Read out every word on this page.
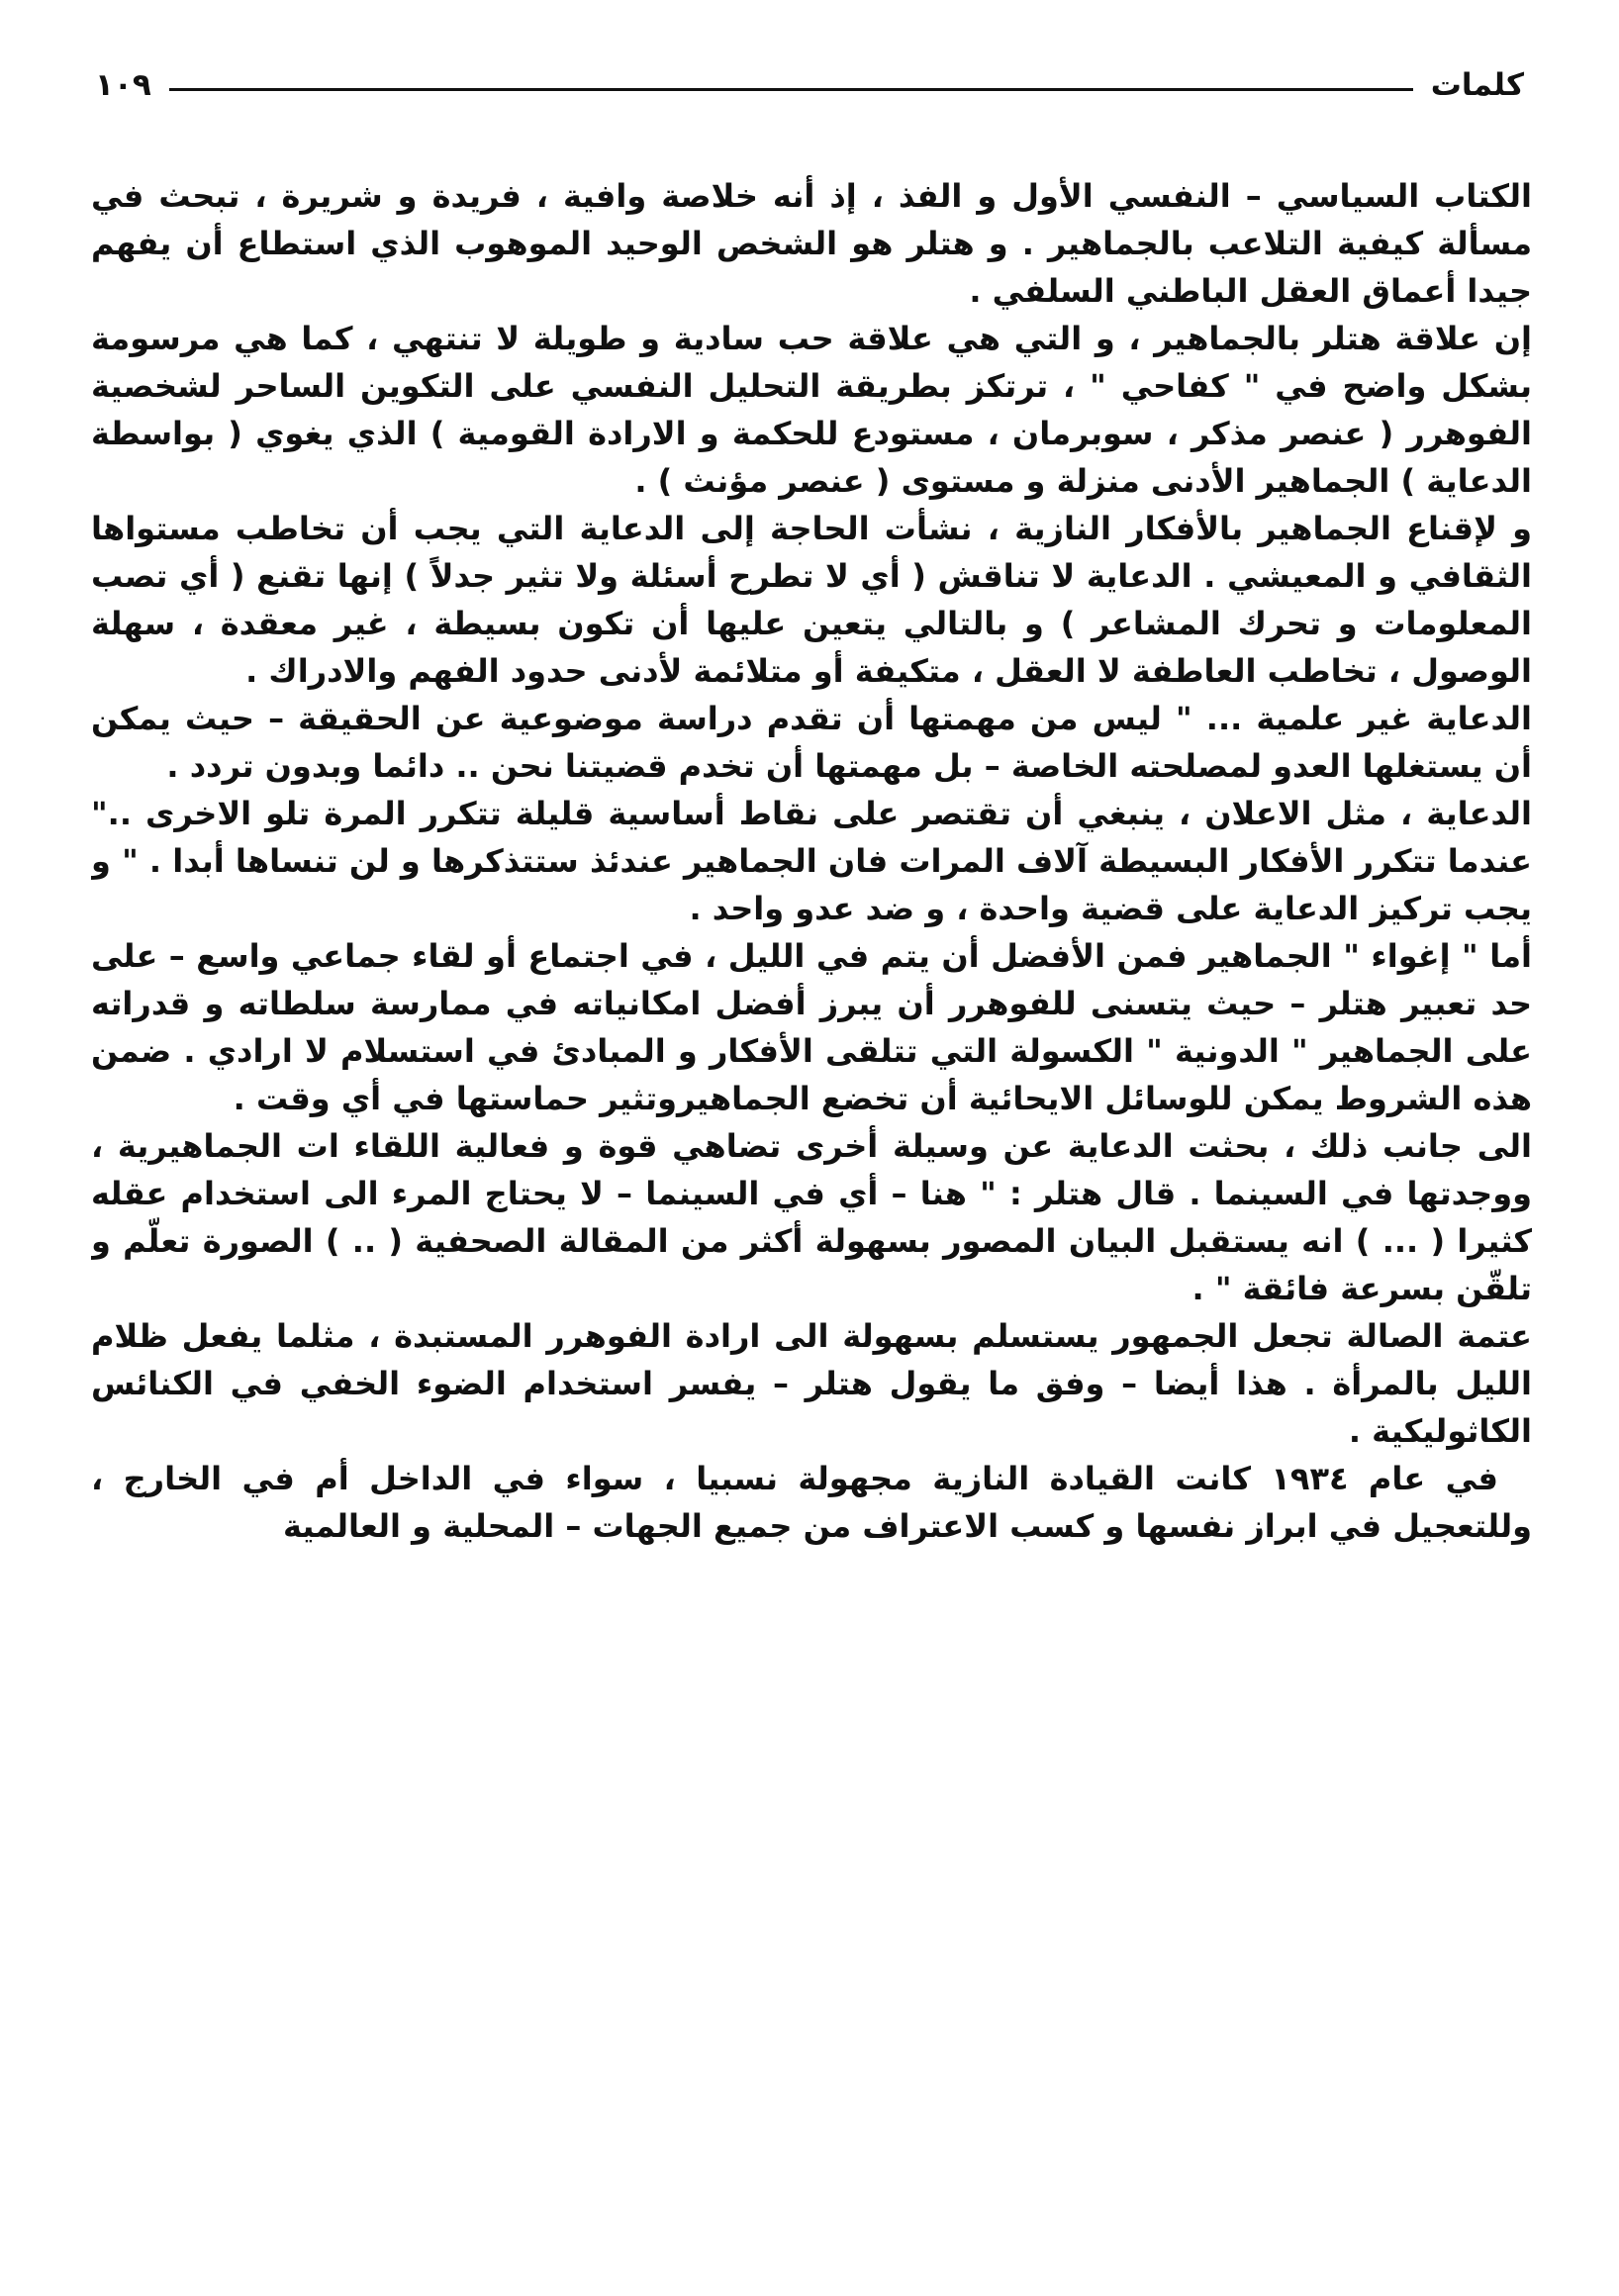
كلمات
١٠٩

الكتاب السياسي – النفسي الأول و الفذ ، إذ أنه خلاصة وافية ، فريدة و شريرة ، تبحث في مسألة كيفية التلاعب بالجماهير . و هتلر هو الشخص الوحيد الموهوب الذي استطاع أن يفهم جيدا أعماق العقل الباطني السلفي .

إن علاقة هتلر بالجماهير ، و التي هي علاقة حب سادية و طويلة لا تنتهي ، كما هي مرسومة بشكل واضح في " كفاحي " ، ترتكز بطريقة التحليل النفسي على التكوين الساحر لشخصية الفوهرر ( عنصر مذكر ، سوبرمان ، مستودع للحكمة و الارادة القومية ) الذي يغوي ( بواسطة الدعاية ) الجماهير الأدنى منزلة و مستوى ( عنصر مؤنث ) .

و لإقناع الجماهير بالأفكار النازية ، نشأت الحاجة إلى الدعاية التي يجب أن تخاطب مستواها الثقافي و المعيشي . الدعاية لا تناقش ( أي لا تطرح أسئلة ولا تثير جدلاً ) إنها تقنع ( أي تصب المعلومات و تحرك المشاعر ) و بالتالي يتعين عليها أن تكون بسيطة ، غير معقدة ، سهلة الوصول ، تخاطب العاطفة لا العقل ، متكيفة أو متلائمة لأدنى حدود الفهم والادراك .

الدعاية غير علمية ... " ليس من مهمتها أن تقدم دراسة موضوعية عن الحقيقة – حيث يمكن أن يستغلها العدو لمصلحته الخاصة – بل مهمتها أن تخدم قضيتنا نحن .. دائما وبدون تردد .

الدعاية ، مثل الاعلان ، ينبغي أن تقتصر على نقاط أساسية قليلة تتكرر المرة تلو الاخرى .." عندما تتكرر الأفكار البسيطة آلاف المرات فان الجماهير عندئذ ستتذكرها و لن تنساها أبدا . " و يجب تركيز الدعاية على قضية واحدة ، و ضد عدو واحد .

أما " إغواء " الجماهير فمن الأفضل أن يتم في الليل ، في اجتماع أو لقاء جماعي واسع – على حد تعبير هتلر – حيث يتسنى للفوهرر أن يبرز أفضل امكانياته في ممارسة سلطاته و قدراته على الجماهير " الدونية " الكسولة التي تتلقى الأفكار و المبادئ في استسلام لا ارادي . ضمن هذه الشروط يمكن للوسائل الايحائية أن تخضع الجماهيروتثير حماستها في أي وقت .

الى جانب ذلك ، بحثت الدعاية عن وسيلة أخرى تضاهي قوة و فعالية اللقاء ات الجماهيرية ، ووجدتها في السينما . قال هتلر : " هنا – أي في السينما – لا يحتاج المرء الى استخدام عقله كثيرا ( ... ) انه يستقبل البيان المصور بسهولة أكثر من المقالة الصحفية ( .. ) الصورة تعلّم و تلقّن بسرعة فائقة " .

عتمة الصالة تجعل الجمهور يستسلم بسهولة الى ارادة الفوهرر المستبدة ، مثلما يفعل ظلام الليل بالمرأة . هذا أيضا – وفق ما يقول هتلر – يفسر استخدام الضوء الخفي في الكنائس الكاثوليكية .

في عام ١٩٣٤ كانت القيادة النازية مجهولة نسبيا ، سواء في الداخل أم في الخارج ، وللتعجيل في ابراز نفسها و كسب الاعتراف من جميع الجهات – المحلية و العالمية
